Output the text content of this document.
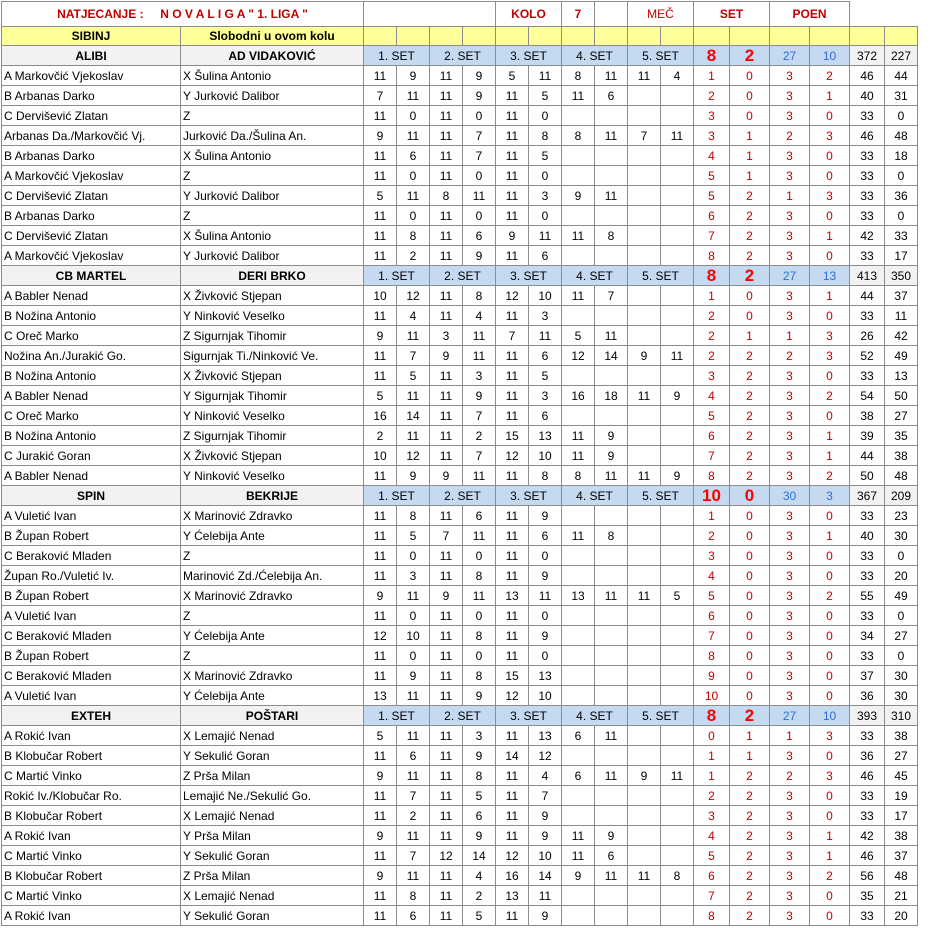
NATJECANJE : N O V A L I G A " 1. LIGA "						KOLO		7		MEČ		SET		POEN			
SIBINJ	Slobodni u ovom kolu																
ALIBI	AD VIDAKOVIĆ	1. SET		2. SET		3. SET		4. SET		5. SET		8	2	27	10	372	227
A Markovčić Vjekoslav	X Šulina Antonio	11	9	11	9	5	11	8	11	11	4	1	0	3	2	46	44
B Arbanas Darko	Y Jurković Dalibor	7	11	11	9	11	5	11	6			2	0	3	1	40	31
C Dervišević Zlatan	Z	11	0	11	0	11	0					3	0	3	0	33	0
Arbanas Da./Markovčić Vj.	Jurković Da./Šulina An.	9	11	11	7	11	8	8	11	7	11	3	1	2	3	46	48
B Arbanas Darko	X Šulina Antonio	11	6	11	7	11	5					4	1	3	0	33	18
A Markovčić Vjekoslav	Z	11	0	11	0	11	0					5	1	3	0	33	0
C Dervišević Zlatan	Y Jurković Dalibor	5	11	8	11	11	3	9	11			5	2	1	3	33	36
B Arbanas Darko	Z	11	0	11	0	11	0					6	2	3	0	33	0
C Dervišević Zlatan	X Šulina Antonio	11	8	11	6	9	11	11	8			7	2	3	1	42	33
A Markovčić Vjekoslav	Y Jurković Dalibor	11	2	11	9	11	6					8	2	3	0	33	17
CB MARTEL	DERI BRKO	1. SET		2. SET		3. SET		4. SET		5. SET		8	2	27	13	413	350
A Babler Nenad	X Živković Stjepan	10	12	11	8	12	10	11	7			1	0	3	1	44	37
B Nožina Antonio	Y Ninković Veselko	11	4	11	4	11	3					2	0	3	0	33	11
C Oreč Marko	Z Sigurnjak Tihomir	9	11	3	11	7	11	5	11			2	1	1	3	26	42
Nožina An./Jurakić Go.	Sigurnjak Ti./Ninković Ve.	11	7	9	11	11	6	12	14	9	11	2	2	2	3	52	49
B Nožina Antonio	X Živković Stjepan	11	5	11	3	11	5					3	2	3	0	33	13
A Babler Nenad	Y Sigurnjak Tihomir	5	11	11	9	11	3	16	18	11	9	4	2	3	2	54	50
C Oreč Marko	Y Ninković Veselko	16	14	11	7	11	6					5	2	3	0	38	27
B Nožina Antonio	Z Sigurnjak Tihomir	2	11	11	2	15	13	11	9			6	2	3	1	39	35
C Jurakić Goran	X Živković Stjepan	10	12	11	7	12	10	11	9			7	2	3	1	44	38
A Babler Nenad	Y Ninković Veselko	11	9	9	11	11	8	8	11	11	9	8	2	3	2	50	48
SPIN	BEKRIJE	1. SET		2. SET		3. SET		4. SET		5. SET		10	0	30	3	367	209
A Vuletić Ivan	X Marinović Zdravko	11	8	11	6	11	9					1	0	3	0	33	23
B Župan Robert	Y Ćelebija Ante	11	5	7	11	11	6	11	8			2	0	3	1	40	30
C Beraković Mladen	Z	11	0	11	0	11	0					3	0	3	0	33	0
Župan Ro./Vuletić Iv.	Marinović Zd./Ćelebija An.	11	3	11	8	11	9					4	0	3	0	33	20
B Župan Robert	X Marinović Zdravko	9	11	9	11	13	11	13	11	11	5	5	0	3	2	55	49
A Vuletić Ivan	Z	11	0	11	0	11	0					6	0	3	0	33	0
C Beraković Mladen	Y Ćelebija Ante	12	10	11	8	11	9					7	0	3	0	34	27
B Župan Robert	Z	11	0	11	0	11	0					8	0	3	0	33	0
C Beraković Mladen	X Marinović Zdravko	11	9	11	8	15	13					9	0	3	0	37	30
A Vuletić Ivan	Y Ćelebija Ante	13	11	11	9	12	10					10	0	3	0	36	30
EXTEH	POŠTARI	1. SET		2. SET		3. SET		4. SET		5. SET		8	2	27	10	393	310
A Rokić Ivan	X Lemajić Nenad	5	11	11	3	11	13	6	11			0	1	1	3	33	38
B Klobučar Robert	Y Sekulić Goran	11	6	11	9	14	12					1	1	3	0	36	27
C Martić Vinko	Z Prša Milan	9	11	11	8	11	4	6	11	9	11	1	2	2	3	46	45
Rokić Iv./Klobučar Ro.	Lemajić Ne./Sekulić Go.	11	7	11	5	11	7					2	2	3	0	33	19
B Klobučar Robert	X Lemajić Nenad	11	2	11	6	11	9					3	2	3	0	33	17
A Rokić Ivan	Y Prša Milan	9	11	11	9	11	9	11	9			4	2	3	1	42	38
C Martić Vinko	Y Sekulić Goran	11	7	12	14	12	10	11	6			5	2	3	1	46	37
B Klobučar Robert	Z Prša Milan	9	11	11	4	16	14	9	11	11	8	6	2	3	2	56	48
C Martić Vinko	X Lemajić Nenad	11	8	11	2	13	11					7	2	3	0	35	21
A Rokić Ivan	Y Sekulić Goran	11	6	11	5	11	9					8	2	3	0	33	20
